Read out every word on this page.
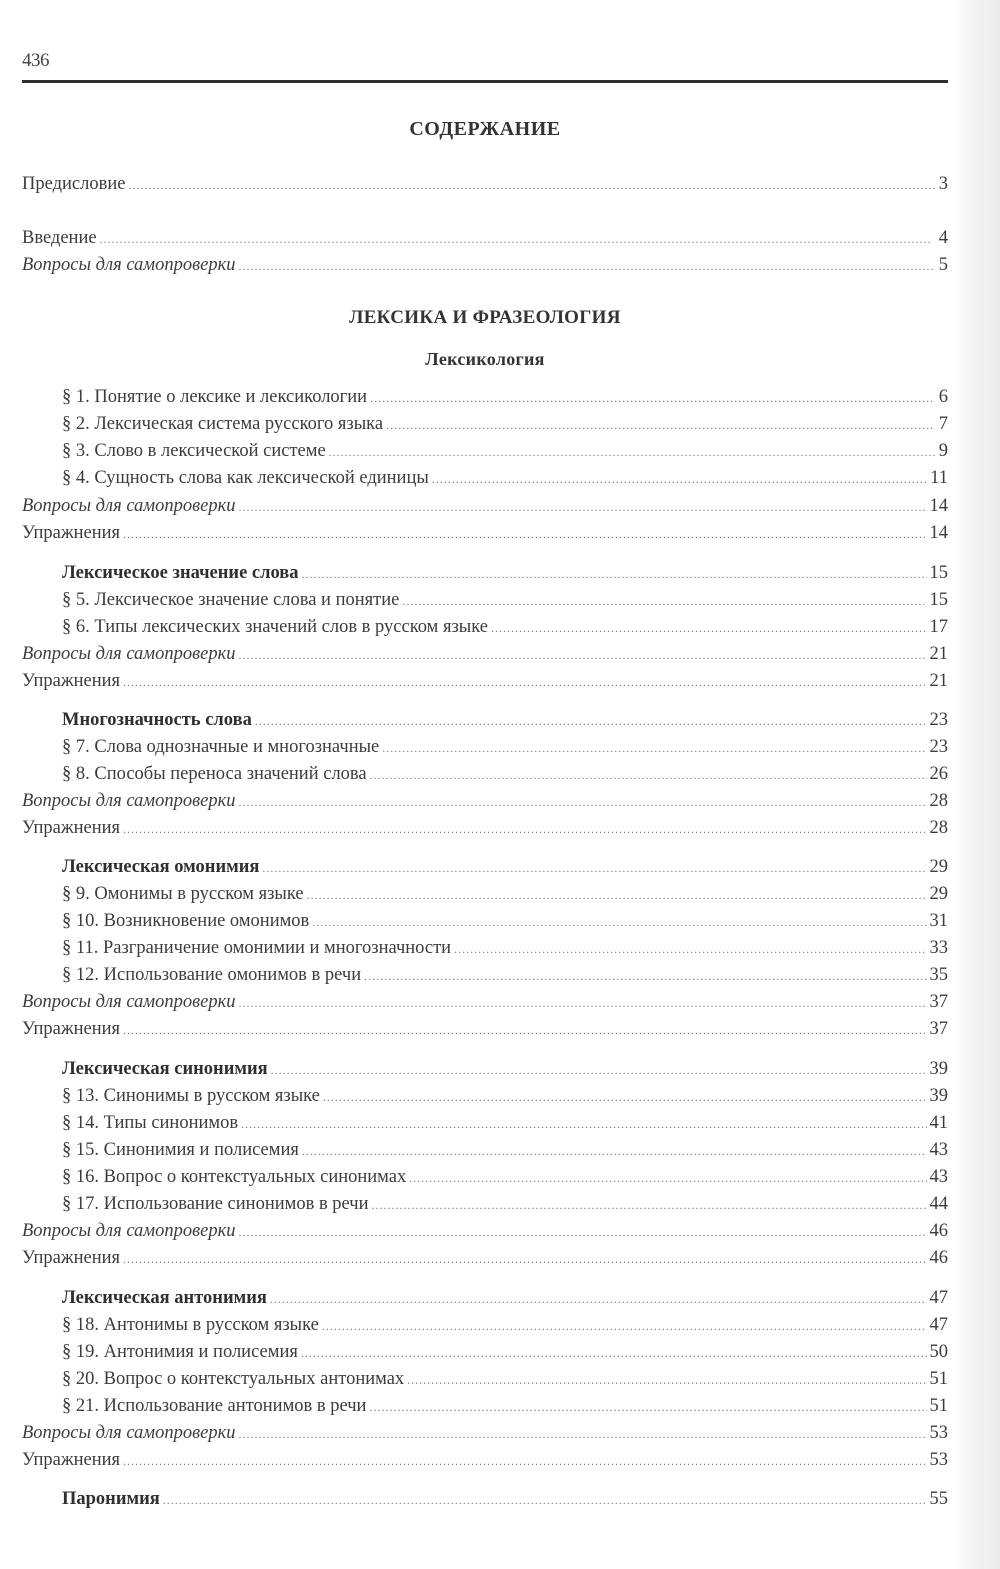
436
СОДЕРЖАНИЕ
ЛЕКСИКА И ФРАЗЕОЛОГИЯ
Лексикология
Предисловие .....	3
Введение .....	4
Вопросы для самопроверки .....	5
§ 1. Понятие о лексике и лексикологии .....	6
§ 2. Лексическая система русского языка .....	7
§ 3. Слово в лексической системе .....	9
§ 4. Сущность слова как лексической единицы .....	11
Вопросы для самопроверки .....	14
Упражнения .....	14
Лексическое значение слова .....	15
§ 5. Лексическое значение слова и понятие .....	15
§ 6. Типы лексических значений слов в русском языке .....	17
Вопросы для самопроверки .....	21
Упражнения .....	21
Многозначность слова .....	23
§ 7. Слова однозначные и многозначные .....	23
§ 8. Способы переноса значений слова .....	26
Вопросы для самопроверки .....	28
Упражнения .....	28
Лексическая омонимия .....	29
§ 9. Омонимы в русском языке .....	29
§ 10. Возникновение омонимов .....	31
§ 11. Разграничение омонимии и многозначности .....	33
§ 12. Использование омонимов в речи .....	35
Вопросы для самопроверки .....	37
Упражнения .....	37
Лексическая синонимия .....	39
§ 13. Синонимы в русском языке .....	39
§ 14. Типы синонимов .....	41
§ 15. Синонимия и полисемия .....	43
§ 16. Вопрос о контекстуальных синонимах .....	43
§ 17. Использование синонимов в речи .....	44
Вопросы для самопроверки .....	46
Упражнения .....	46
Лексическая антонимия .....	47
§ 18. Антонимы в русском языке .....	47
§ 19. Антонимия и полисемия .....	50
§ 20. Вопрос о контекстуальных антонимах .....	51
§ 21. Использование антонимов в речи .....	51
Вопросы для самопроверки .....	53
Упражнения .....	53
Паронимия .....	55
